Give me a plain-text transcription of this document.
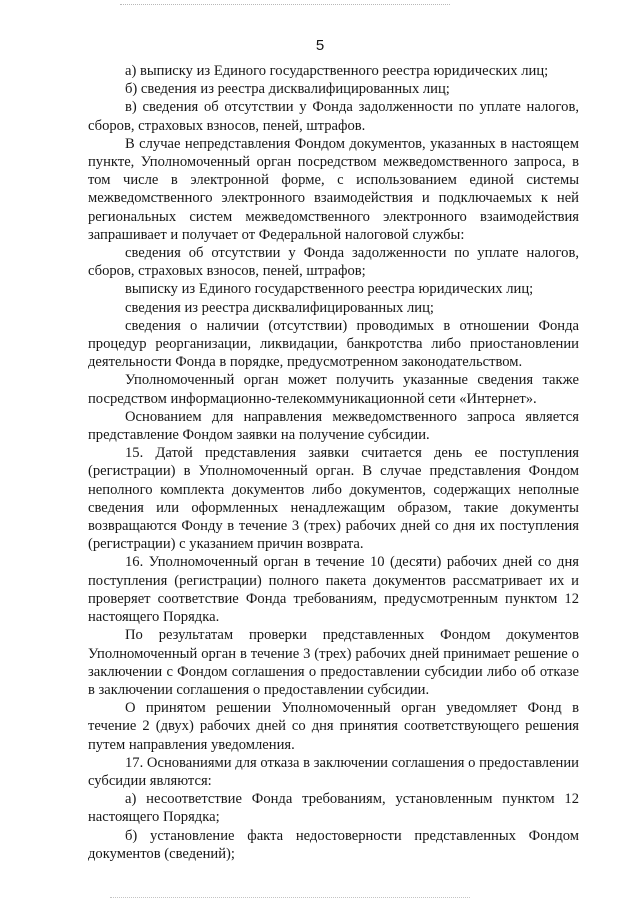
5

а) выписку из Единого государственного реестра юридических лиц;

б) сведения из реестра дисквалифицированных лиц;

в) сведения об отсутствии у Фонда задолженности по уплате налогов, сборов, страховых взносов, пеней, штрафов.

В случае непредставления Фондом документов, указанных в настоящем пункте, Уполномоченный орган посредством межведомственного запроса, в том числе в электронной форме, с использованием единой системы межведомственного электронного взаимодействия и подключаемых к ней региональных систем межведомственного электронного взаимодействия запрашивает и получает от Федеральной налоговой службы:

сведения об отсутствии у Фонда задолженности по уплате налогов, сборов, страховых взносов, пеней, штрафов;

выписку из Единого государственного реестра юридических лиц;

сведения из реестра дисквалифицированных лиц;

сведения о наличии (отсутствии) проводимых в отношении Фонда процедур реорганизации, ликвидации, банкротства либо приостановлении деятельности Фонда в порядке, предусмотренном законодательством.

Уполномоченный орган может получить указанные сведения также посредством информационно-телекоммуникационной сети «Интернет».

Основанием для направления межведомственного запроса является представление Фондом заявки на получение субсидии.

15. Датой представления заявки считается день ее поступления (регистрации) в Уполномоченный орган. В случае представления Фондом неполного комплекта документов либо документов, содержащих неполные сведения или оформленных ненадлежащим образом, такие документы возвращаются Фонду в течение 3 (трех) рабочих дней со дня их поступления (регистрации) с указанием причин возврата.

16. Уполномоченный орган в течение 10 (десяти) рабочих дней со дня поступления (регистрации) полного пакета документов рассматривает их и проверяет соответствие Фонда требованиям, предусмотренным пунктом 12 настоящего Порядка.

По результатам проверки представленных Фондом документов Уполномоченный орган в течение 3 (трех) рабочих дней принимает решение о заключении с Фондом соглашения о предоставлении субсидии либо об отказе в заключении соглашения о предоставлении субсидии.

О принятом решении Уполномоченный орган уведомляет Фонд в течение 2 (двух) рабочих дней со дня принятия соответствующего решения путем направления уведомления.

17. Основаниями для отказа в заключении соглашения о предоставлении субсидии являются:

а) несоответствие Фонда требованиям, установленным пунктом 12 настоящего Порядка;

б) установление факта недостоверности представленных Фондом документов (сведений);
